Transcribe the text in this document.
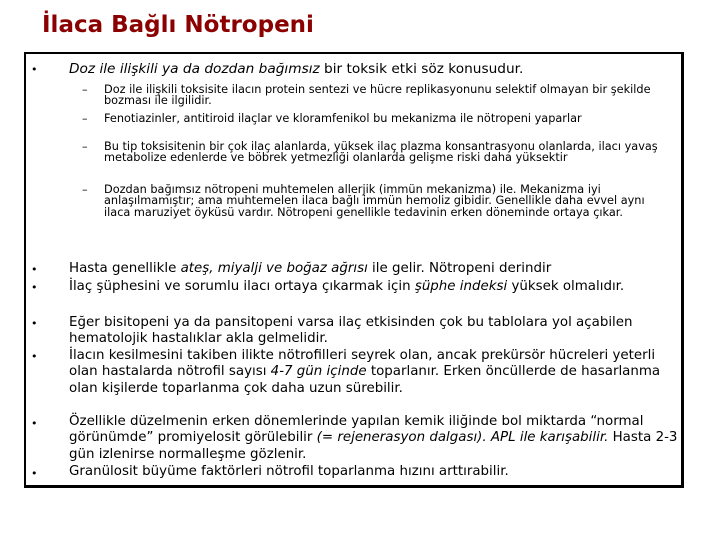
İlaca Bağlı Nötropeni
• Doz ile ilişkili ya da dozdan bağımsız bir toksik etki söz konusudur.
– Doz ile ilişkili toksisite ilacın protein sentezi ve hücre replikasyonunu selektif olmayan bir şekilde bozması ile ilgilidir.
– Fenotiazinler, antitiroid ilaçlar ve kloramfenikol bu mekanizma ile nötropeni yaparlar
– Bu tip toksisitenin bir çok ilaç alanlarda, yüksek ilaç plazma konsantrasyonu olanlarda, ilacı yavaş metabolize edenlerde ve böbrek yetmezliği olanlarda gelişme riski daha yüksektir
– Dozdan bağımsız nötropeni muhtemelen allerjik (immün mekanizma) ile. Mekanizma iyi anlaşılmamıştır; ama muhtemelen ilaca bağlı immün hemoliz gibidir. Genellikle daha evvel aynı ilaca maruziyet öyküsü vardır. Nötropeni genellikle tedavinin erken döneminde ortaya çıkar.
• Hasta genellikle ateş, miyalji ve boğaz ağrısı ile gelir. Nötropeni derindir
• İlaç şüphesini ve sorumlu ilacı ortaya çıkarmak için şüphe indeksi yüksek olmalıdır.
• Eğer bisitopeni ya da pansitopeni varsa ilaç etkisinden çok bu tablolara yol açabilen hematolojik hastalıklar akla gelmelidir.
• İlacın kesilmesini takiben ilikte nötrofilleri seyrek olan, ancak prekürsör hücreleri yeterli olan hastalarda nötrofil sayısı 4-7 gün içinde toparlanır. Erken öncüllerde de hasarlanma olan kişilerde toparlanma çok daha uzun sürebilir.
• Özellikle düzelmenin erken dönemlerinde yapılan kemik iliğinde bol miktarda “normal görünümde” promiyelosit görülebilir (= rejenerasyon dalgası). APL ile karışabilir. Hasta 2-3 gün izlenirse normalleşme gözlenir.
• Granülosit büyüme faktörleri nötrofil toparlanma hızını arttırabilir.
